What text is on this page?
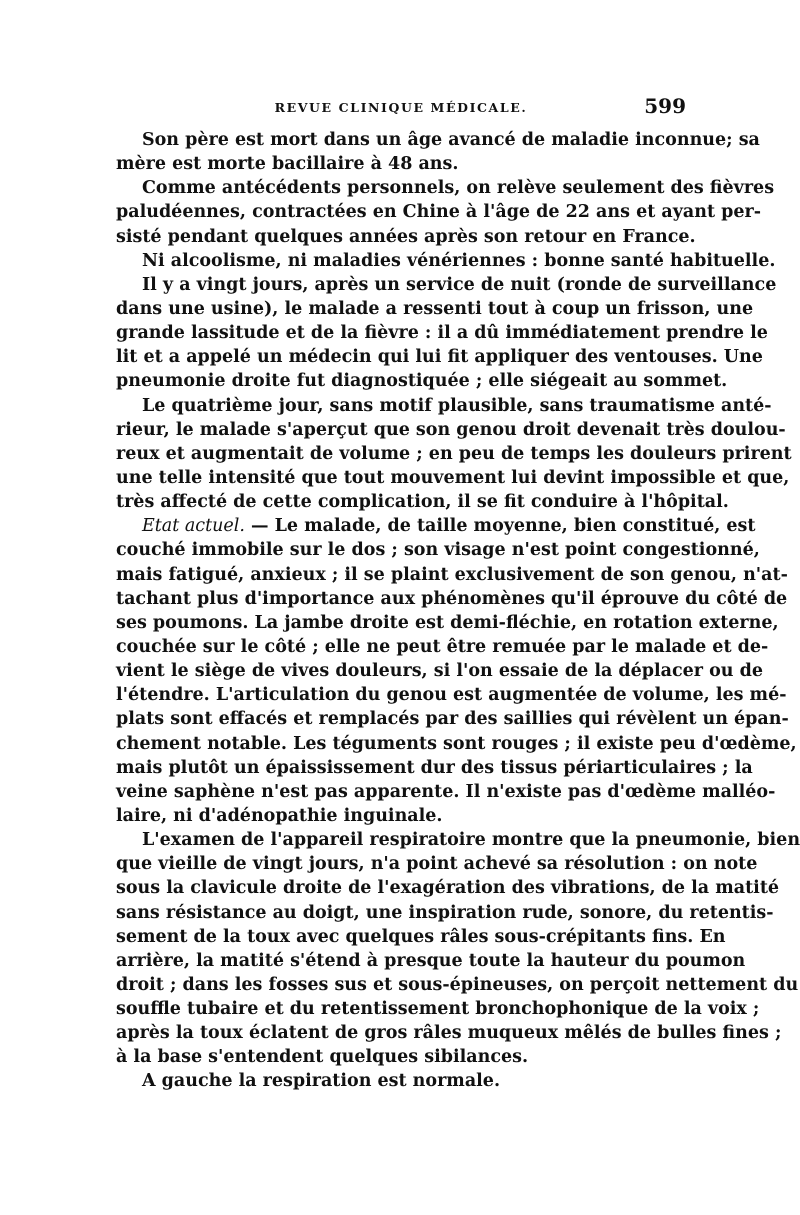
REVUE CLINIQUE MÉDICALE.	599
Son père est mort dans un âge avancé de maladie inconnue; sa
mère est morte bacillaire à 48 ans.
Comme antécédents personnels, on relève seulement des fièvres
paludéennes, contractées en Chine à l'âge de 22 ans et ayant per-
sisté pendant quelques années après son retour en France.
Ni alcoolisme, ni maladies vénériennes : bonne santé habituelle.
Il y a vingt jours, après un service de nuit (ronde de surveillance
dans une usine), le malade a ressenti tout à coup un frisson, une
grande lassitude et de la fièvre : il a dû immédiatement prendre le
lit et a appelé un médecin qui lui fit appliquer des ventouses. Une
pneumonie droite fut diagnostiquée ; elle siégeait au sommet.
Le quatrième jour, sans motif plausible, sans traumatisme anté-
rieur, le malade s'aperçut que son genou droit devenait très doulou-
reux et augmentait de volume ; en peu de temps les douleurs prirent
une telle intensité que tout mouvement lui devint impossible et que,
très affecté de cette complication, il se fit conduire à l'hôpital.
Etat actuel. — Le malade, de taille moyenne, bien constitué, est
couché immobile sur le dos ; son visage n'est point congestionné,
mais fatigué, anxieux ; il se plaint exclusivement de son genou, n'at-
tachant plus d'importance aux phénomènes qu'il éprouve du côté de
ses poumons. La jambe droite est demi-fléchie, en rotation externe,
couchée sur le côté ; elle ne peut être remuée par le malade et de-
vient le siège de vives douleurs, si l'on essaie de la déplacer ou de
l'étendre. L'articulation du genou est augmentée de volume, les mé-
plats sont effacés et remplacés par des saillies qui révèlent un épan-
chement notable. Les téguments sont rouges ; il existe peu d'œdème,
mais plutôt un épaississement dur des tissus périarticulaires ; la
veine saphène n'est pas apparente. Il n'existe pas d'œdème malléo-
laire, ni d'adénopathie inguinale.
L'examen de l'appareil respiratoire montre que la pneumonie, bien
que vieille de vingt jours, n'a point achevé sa résolution : on note
sous la clavicule droite de l'exagération des vibrations, de la matité
sans résistance au doigt, une inspiration rude, sonore, du retentis-
sement de la toux avec quelques râles sous-crépitants fins. En
arrière, la matité s'étend à presque toute la hauteur du poumon
droit ; dans les fosses sus et sous-épineuses, on perçoit nettement du
souffle tubaire et du retentissement bronchophonique de la voix ;
après la toux éclatent de gros râles muqueux mêlés de bulles fines ;
à la base s'entendent quelques sibilances.
A gauche la respiration est normale.
